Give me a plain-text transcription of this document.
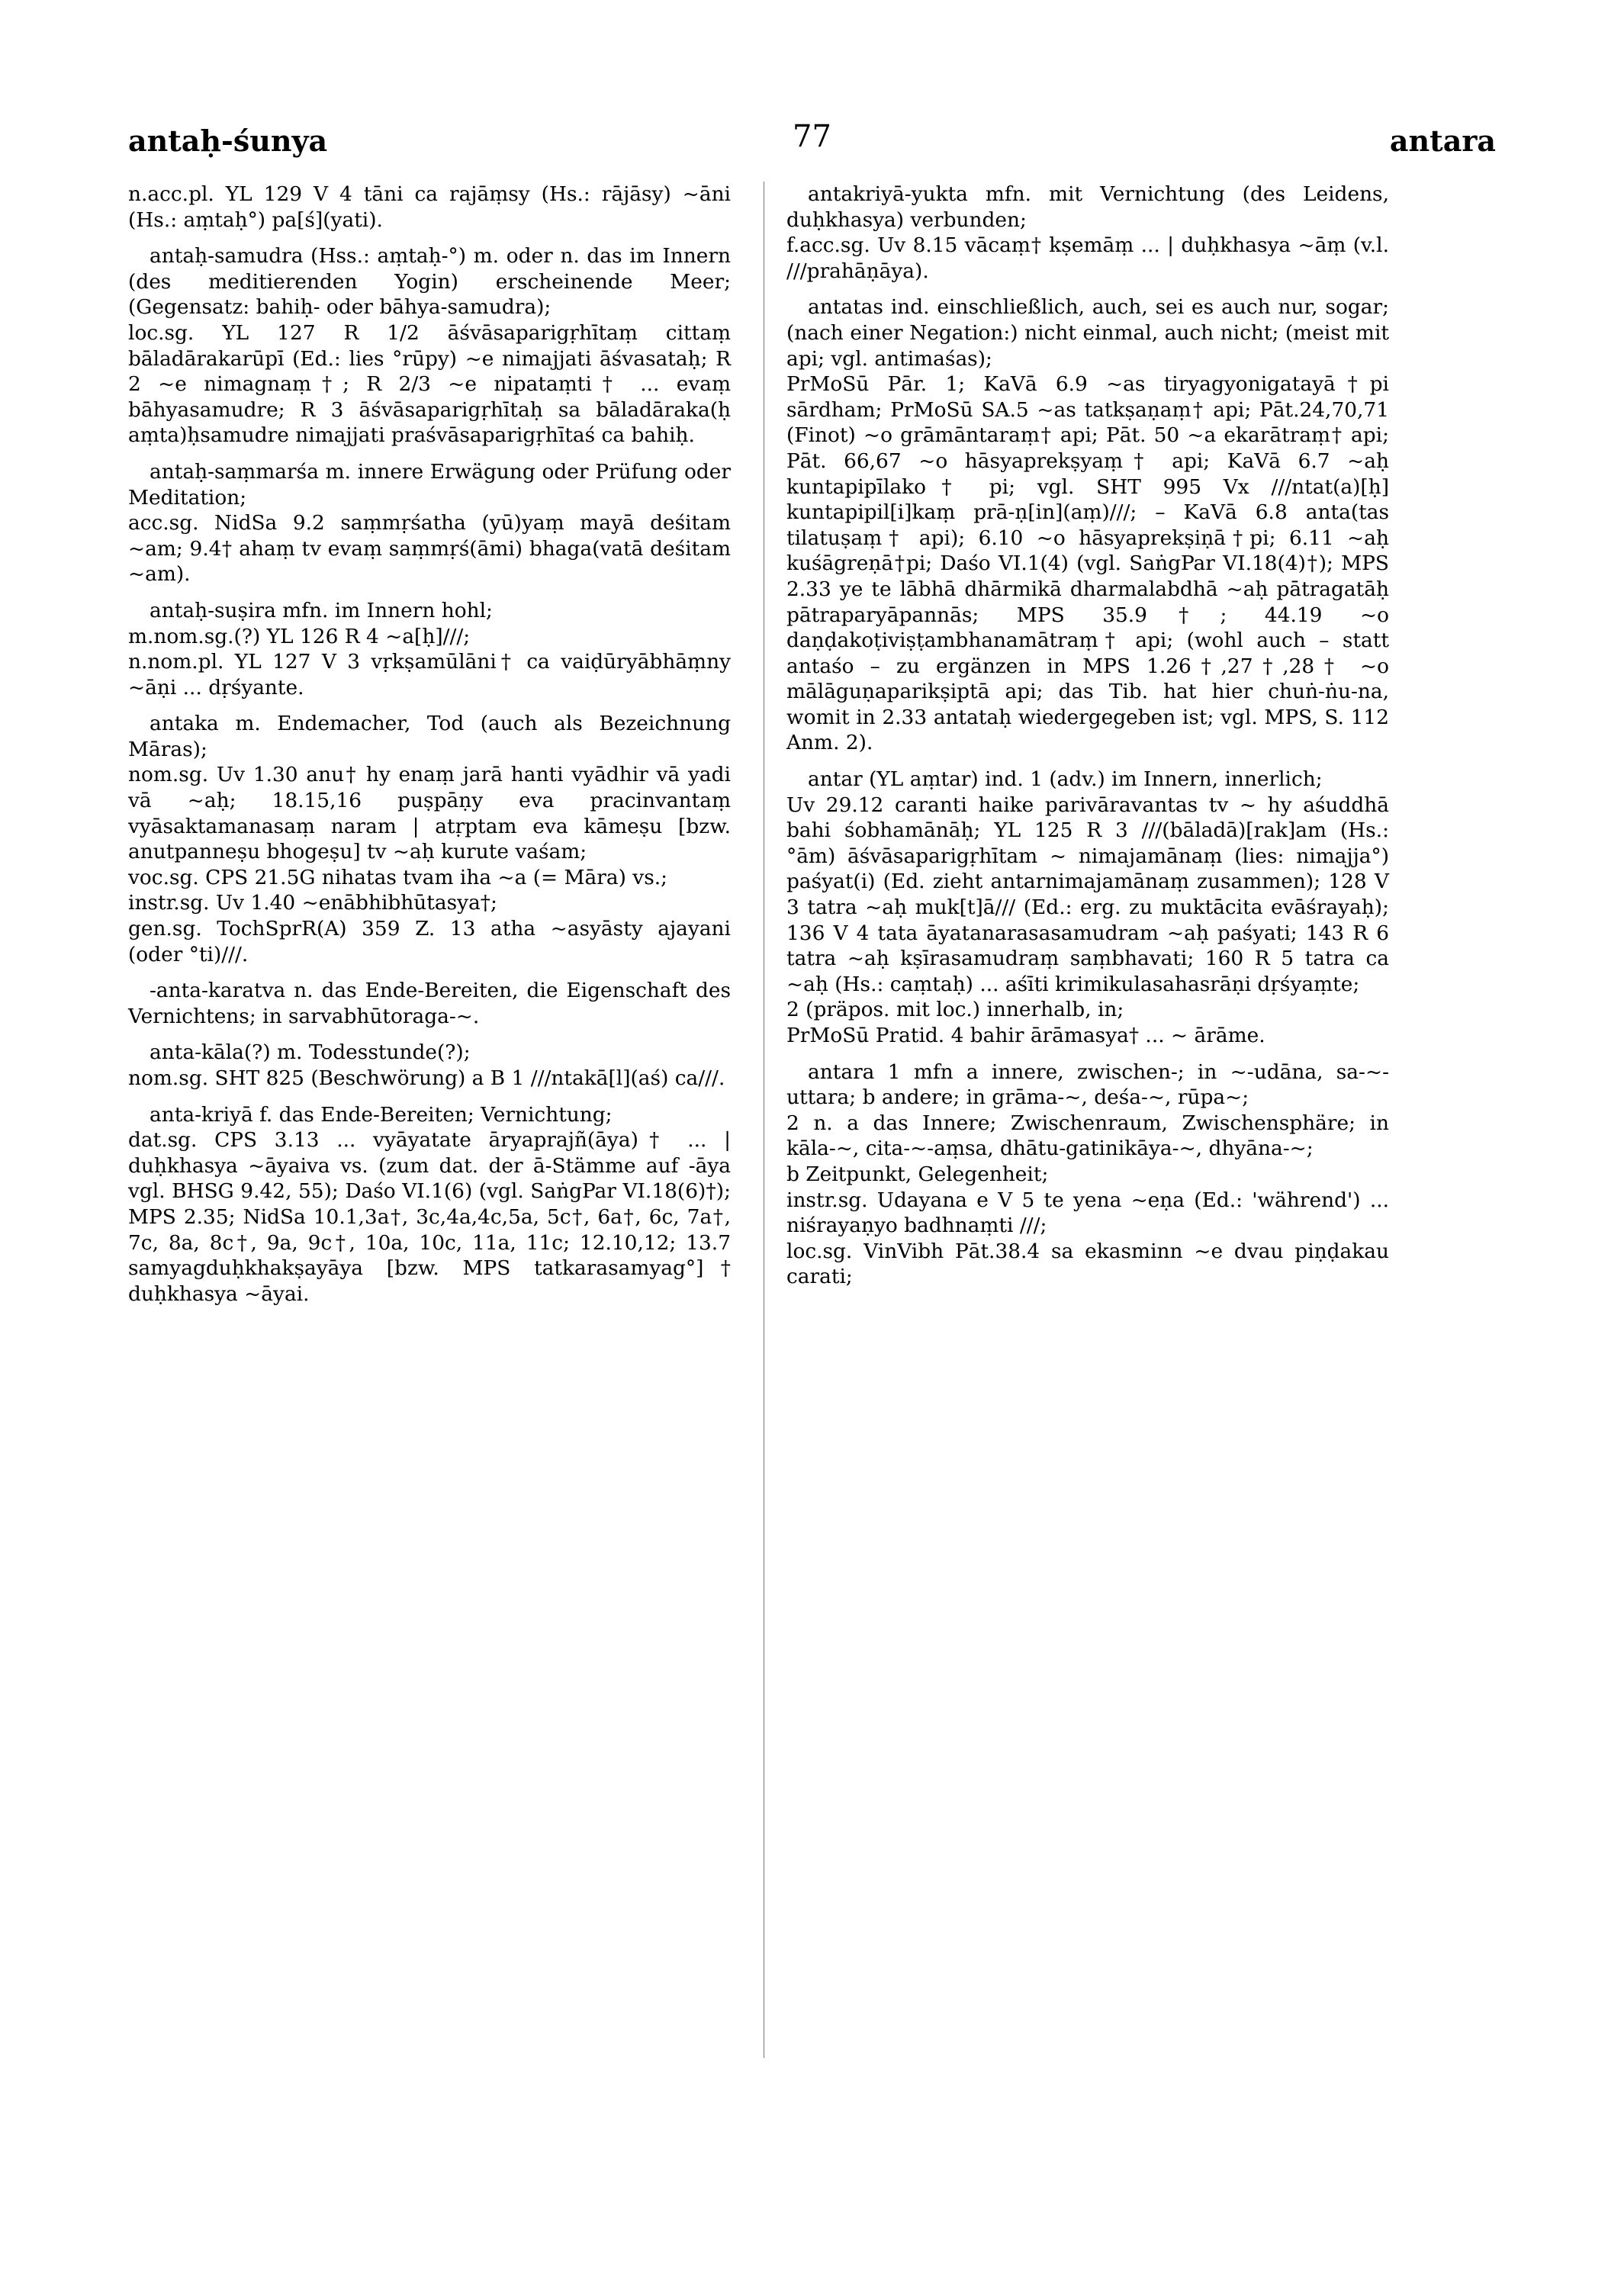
antaḥ-śunya	77	antara

n.acc.pl. YL 129 V 4 tāni ca rajāṃsy (Hs.: rājāsy) ~āni (Hs.: aṃtaḥ°) pa[ś](yati).

antaḥ-samudra (Hss.: aṃtaḥ-°) m. oder n. das im Innern (des meditierenden Yogin) erscheinende Meer; (Gegensatz: bahiḥ- oder bāhya-samudra);

loc.sg. YL 127 R 1/2 āśvāsaparigṛhītaṃ cittaṃ bāladārakarūpī (Ed.: lies °rūpy) ~e nimajjati āśvasataḥ; R 2 ~e nimagnaṃ†; R 2/3 ~e nipataṃti† ... evaṃ bāhyasamudre; R 3 āśvāsaparigṛhītaḥ sa bāladāraka(ḥ aṃta)ḥsamudre nimajjati praśvāsaparigṛhītaś ca bahiḥ.

antaḥ-saṃmarśa m. innere Erwägung oder Prüfung oder Meditation;

acc.sg. NidSa 9.2 saṃmṛśatha (yū)yaṃ mayā deśitam ~am; 9.4† ahaṃ tv evaṃ saṃmṛś(āmi) bhaga(vatā deśitam ~am).

antaḥ-suṣira mfn. im Innern hohl;

m.nom.sg.(?) YL 126 R 4 ~a[ḥ]///;

n.nom.pl. YL 127 V 3 vṛkṣamūlāni† ca vaiḍūryābhāṃny ~āṇi ... dṛśyante.

antaka m. Endemacher, Tod (auch als Bezeichnung Māras);

nom.sg. Uv 1.30 anu† hy enaṃ jarā hanti vyādhir vā yadi vā ~aḥ; 18.15,16 puṣpāṇy eva pracinvantaṃ vyāsaktamanasaṃ naram | atṛptam eva kāmeṣu [bzw. anutpanneṣu bhogeṣu] tv ~aḥ kurute vaśam;

voc.sg. CPS 21.5G nihatas tvam iha ~a (= Māra) vs.;

instr.sg. Uv 1.40 ~enābhibhūtasya†;

gen.sg. TochSprR(A) 359 Z. 13 atha ~asyāsty ajayani (oder °ti)///.

-anta-karatva n. das Ende-Bereiten, die Eigenschaft des Vernichtens; in sarvabhūtoraga-~.

anta-kāla(?) m. Todesstunde(?);

nom.sg. SHT 825 (Beschwörung) a B 1 ///ntakā[l](aś) ca///.

anta-kriyā f. das Ende-Bereiten; Vernichtung;

dat.sg. CPS 3.13 ... vyāyatate āryaprajñ(āya)† ... | duḥkhasya ~āyaiva vs. (zum dat. der ā-Stämme auf -āya vgl. BHSG 9.42, 55); Daśo VI.1(6) (vgl. SaṅgPar VI.18(6)†); MPS 2.35; NidSa 10.1,3a†, 3c,4a,4c,5a, 5c†, 6a†, 6c, 7a†, 7c, 8a, 8c†, 9a, 9c†, 10a, 10c, 11a, 11c; 12.10,12; 13.7 samyagduḥkhakṣayāya [bzw. MPS tatkarasamyag°]† duḥkhasya ~āyai.

antakriyā-yukta mfn. mit Vernichtung (des Leidens, duḥkhasya) verbunden;

f.acc.sg. Uv 8.15 vācaṃ† kṣemāṃ ... | duḥkhasya ~āṃ (v.l. ///prahāṇāya).

antatas ind. einschließlich, auch, sei es auch nur, sogar; (nach einer Negation:) nicht einmal, auch nicht; (meist mit api; vgl. antimaśas);

PrMoSū Pār. 1; KaVā 6.9 ~as tiryagyonigatayā†pi sārdham; PrMoSū SA.5 ~as tatkṣaṇaṃ† api; Pāt.24,70,71 (Finot) ~o grāmāntaraṃ† api; Pāt. 50 ~a ekarātraṃ† api; Pāt. 66,67 ~o hāsyaprekṣyaṃ† api; KaVā 6.7 ~aḥ kuntapipīlako† pi; vgl. SHT 995 Vx ///ntat(a)[ḥ] kuntapipil[i]kaṃ prā-ṇ[in](aṃ)///; – KaVā 6.8 anta(tas tilatuṣaṃ† api); 6.10 ~o hāsyaprekṣiṇā†pi; 6.11 ~aḥ kuśāgreṇā†pi; Daśo VI.1(4) (vgl. SaṅgPar VI.18(4)†); MPS 2.33 ye te lābhā dhārmikā dharmalabdhā ~aḥ pātragatāḥ pātraparyāpannās; MPS 35.9†; 44.19 ~o daṇḍakoṭiviṣṭambhanamātraṃ† api; (wohl auch – statt antaśo – zu ergänzen in MPS 1.26†,27†,28† ~o mālāguṇaparikṣiptā api; das Tib. hat hier chuṅ-ṅu-na, womit in 2.33 antataḥ wiedergegeben ist; vgl. MPS, S. 112 Anm. 2).

antar (YL aṃtar) ind. 1 (adv.) im Innern, innerlich;

Uv 29.12 caranti haike parivāravantas tv ~ hy aśuddhā bahi śobhamānāḥ; YL 125 R 3 ///(bāladā)[rak]am (Hs.: °ām) āśvāsaparigṛhītam ~ nimajamānaṃ (lies: nimajja°) paśyat(i) (Ed. zieht antarnimajamānaṃ zusammen); 128 V 3 tatra ~aḥ muk[t]ā/// (Ed.: erg. zu muktācita evāśrayaḥ); 136 V 4 tata āyatanarasasamudram ~aḥ paśyati; 143 R 6 tatra ~aḥ kṣīrasamudraṃ saṃbhavati; 160 R 5 tatra ca ~aḥ (Hs.: caṃtaḥ) ... aśīti krimikulasahasrāṇi dṛśyaṃte;

2 (präpos. mit loc.) innerhalb, in;

PrMoSū Pratid. 4 bahir ārāmasya† ... ~ ārāme.

antara 1 mfn a innere, zwischen-; in ~-udāna, sa-~-uttara; b andere; in grāma-~, deśa-~, rūpa~;

2 n. a das Innere; Zwischenraum, Zwischensphäre; in kāla-~, cita-~-aṃsa, dhātu-gatinikāya-~, dhyāna-~;

b Zeitpunkt, Gelegenheit;

instr.sg. Udayana e V 5 te yena ~eṇa (Ed.: 'während') ... niśrayaṇyo badhnaṃti ///;

loc.sg. VinVibh Pāt.38.4 sa ekasminn ~e dvau piṇḍakau carati;
